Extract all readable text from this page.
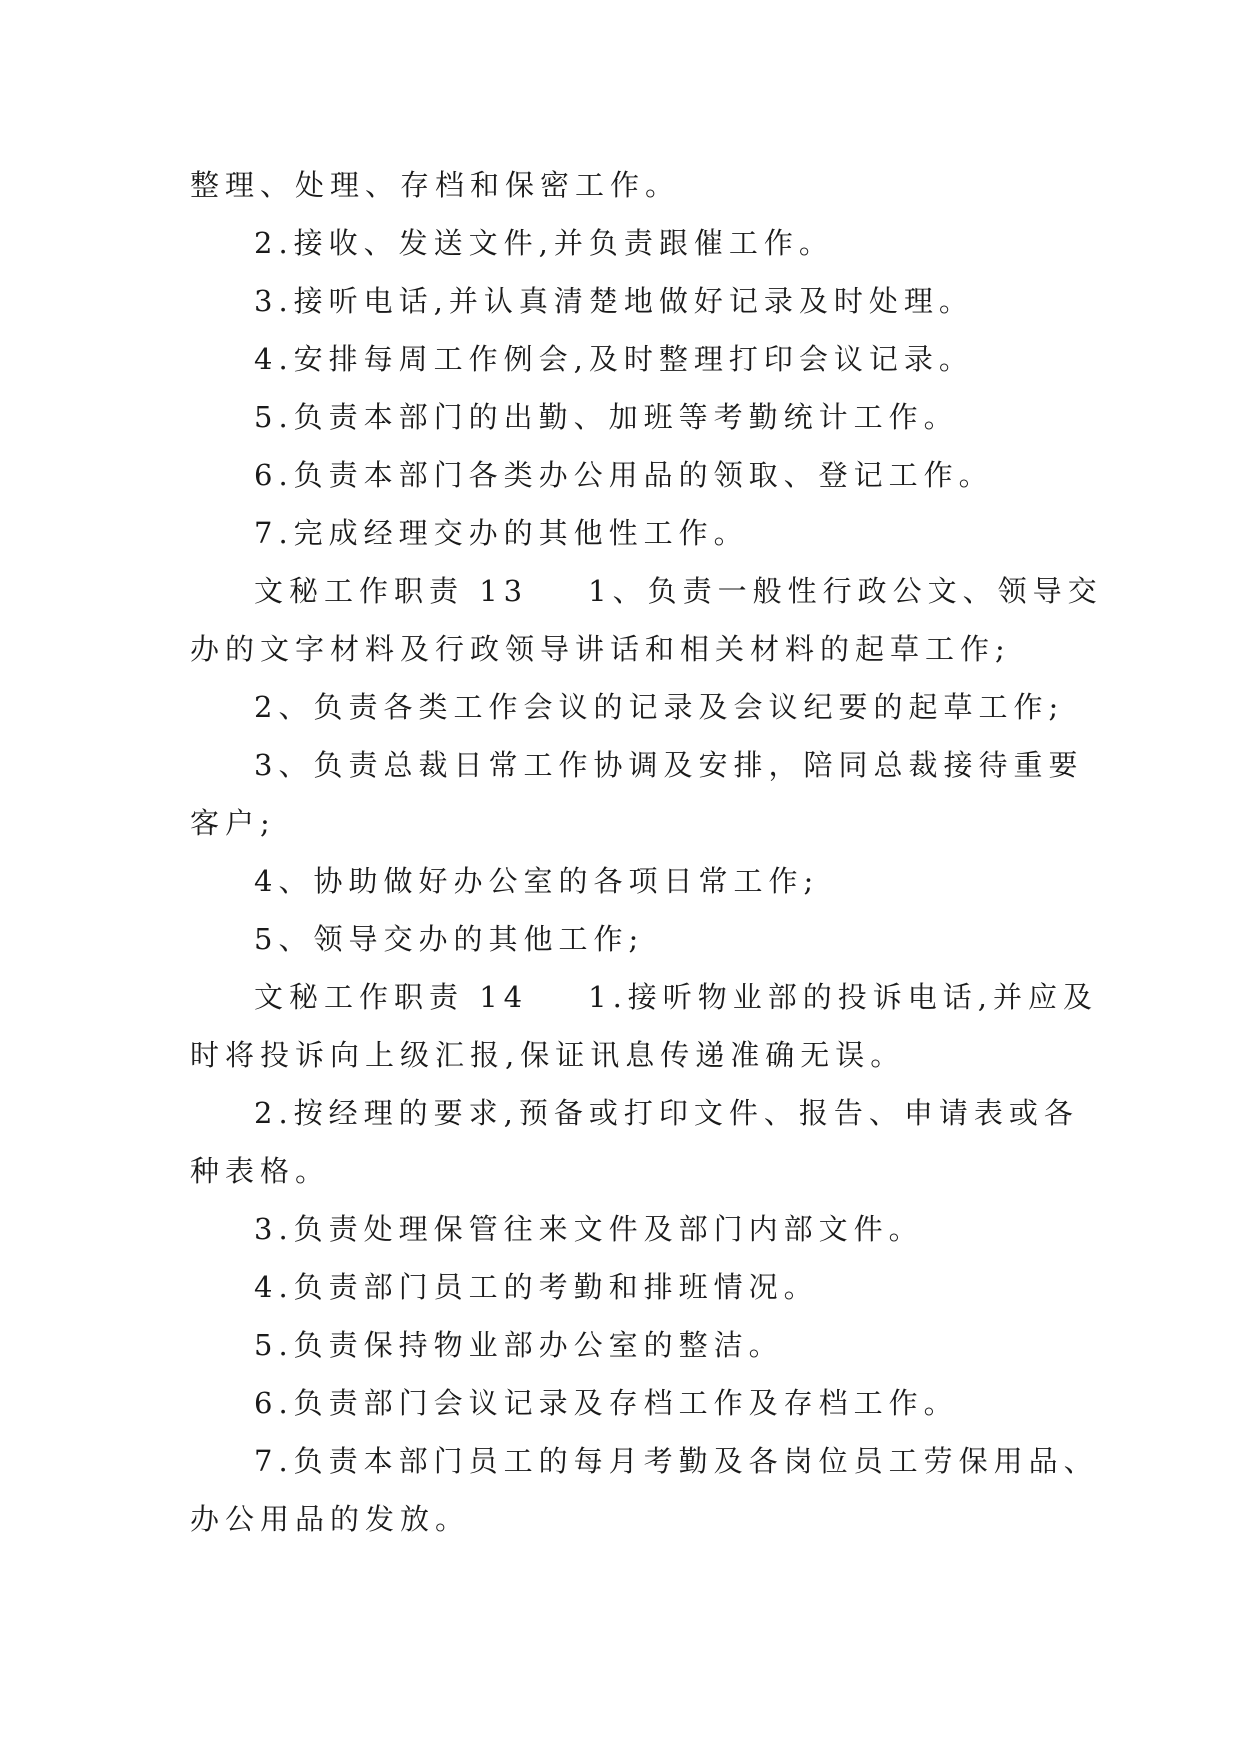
整理、处理、存档和保密工作。
2.接收、发送文件,并负责跟催工作。
3.接听电话,并认真清楚地做好记录及时处理。
4.安排每周工作例会,及时整理打印会议记录。
5.负责本部门的出勤、加班等考勤统计工作。
6.负责本部门各类办公用品的领取、登记工作。
7.完成经理交办的其他性工作。
文秘工作职责 13 1、负责一般性行政公文、领导交
办的文字材料及行政领导讲话和相关材料的起草工作;
2、负责各类工作会议的记录及会议纪要的起草工作;
3、负责总裁日常工作协调及安排，陪同总裁接待重要
客户;
4、协助做好办公室的各项日常工作;
5、领导交办的其他工作;
文秘工作职责 14 1.接听物业部的投诉电话,并应及
时将投诉向上级汇报,保证讯息传递准确无误。
2.按经理的要求,预备或打印文件、报告、申请表或各
种表格。
3.负责处理保管往来文件及部门内部文件。
4.负责部门员工的考勤和排班情况。
5.负责保持物业部办公室的整洁。
6.负责部门会议记录及存档工作及存档工作。
7.负责本部门员工的每月考勤及各岗位员工劳保用品、
办公用品的发放。
